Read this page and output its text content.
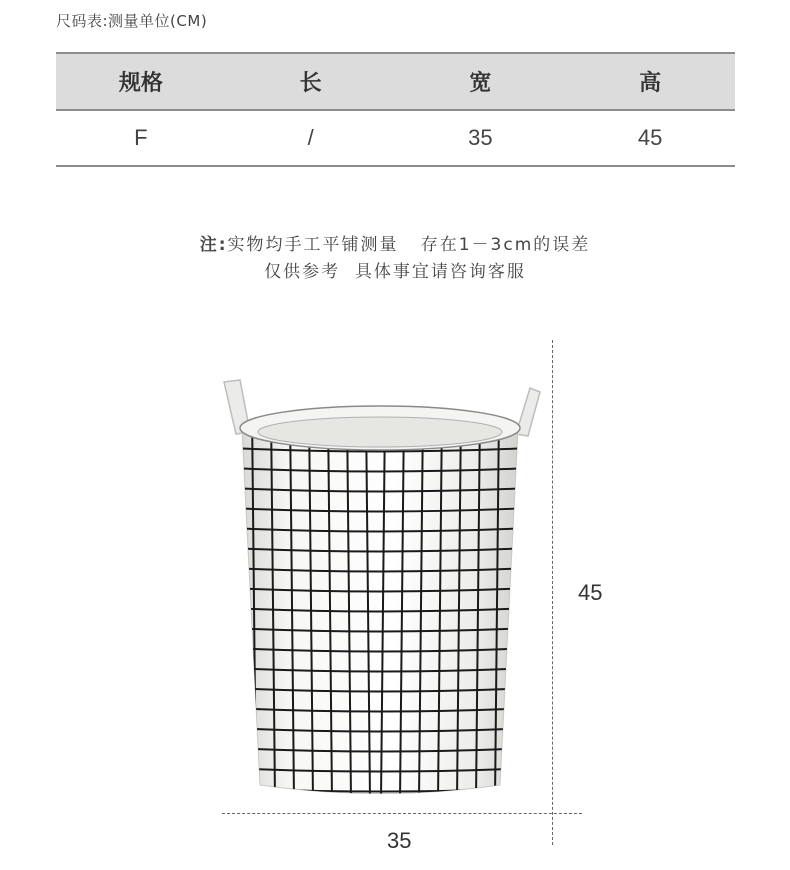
尺码表:测量单位(CM)
规格	长	宽	高
F	/	35	45
注:实物均手工平铺测量   存在1－3cm的误差
仅供参考  具体事宜请咨询客服
45
35
